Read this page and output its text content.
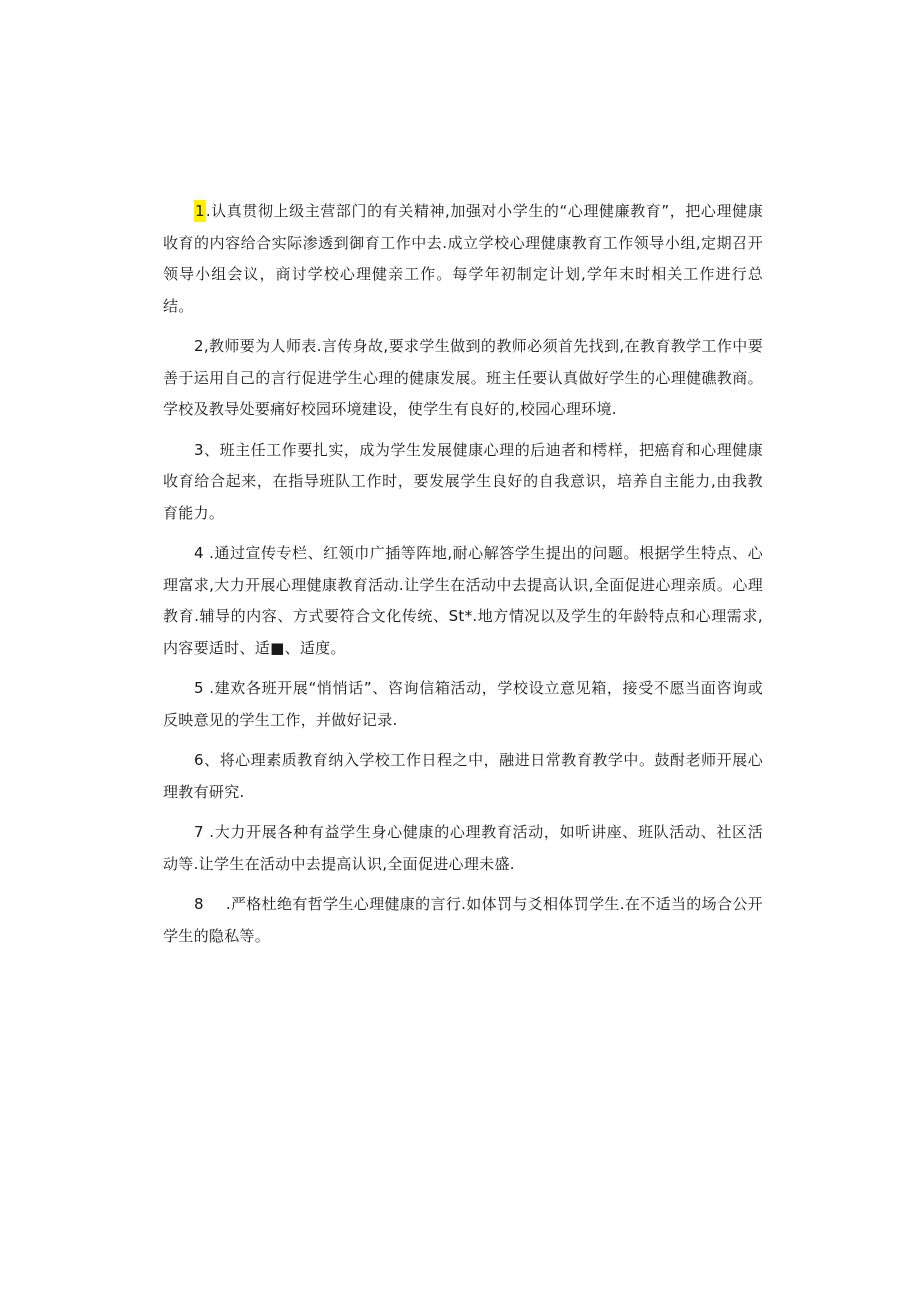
1.认真贯彻上级主营部门的有关精神,加强对小学生的“心理健廉教育”，把心理健康收育的内容给合实际渗透到御育工作中去.成立学校心理健康教育工作领导小组,定期召开领导小组会议，商讨学校心理健亲工作。每学年初制定计划,学年末时相关工作进行总结。

2,教师要为人师表.言传身故,要求学生做到的教师必须首先找到,在教育教学工作中要善于运用自己的言行促进学生心理的健康发展。班主任要认真做好学生的心理健礁教商。学校及教导处要痛好校园环境建设，使学生有良好的,校园心理环境.

3、班主任工作要扎实，成为学生发展健康心理的后迪者和樗样，把癌育和心理健康收育给合起来，在指导班队工作时，要发展学生良好的自我意识，培养自主能力,由我教育能力。

4 .通过宣传专栏、红领巾广插等阵地,耐心解答学生提出的问题。根据学生特点、心理富求,大力开展心理健康教育活动.让学生在活动中去提高认识,全面促进心理亲质。心理教育.辅导的内容、方式要符合文化传统、St*.地方情况以及学生的年龄特点和心理需求,内容要适时、适■、适度。

5 .建欢各班开展“悄悄话”、咨询信箱活动，学校设立意见箱，接受不愿当面咨询或反映意见的学生工作，并做好记录.

6、将心理素质教育纳入学校工作日程之中，融进日常教育教学中。鼓酎老师开展心理教有研究.

7 .大力开展各种有益学生身心健康的心理教育活动，如听讲座、班队活动、社区活动等.让学生在活动中去提高认识,全面促进心理未盛.

8 .严格杜绝有哲学生心理健康的言行.如体罚与爻相体罚学生.在不适当的场合公开学生的隐私等。
